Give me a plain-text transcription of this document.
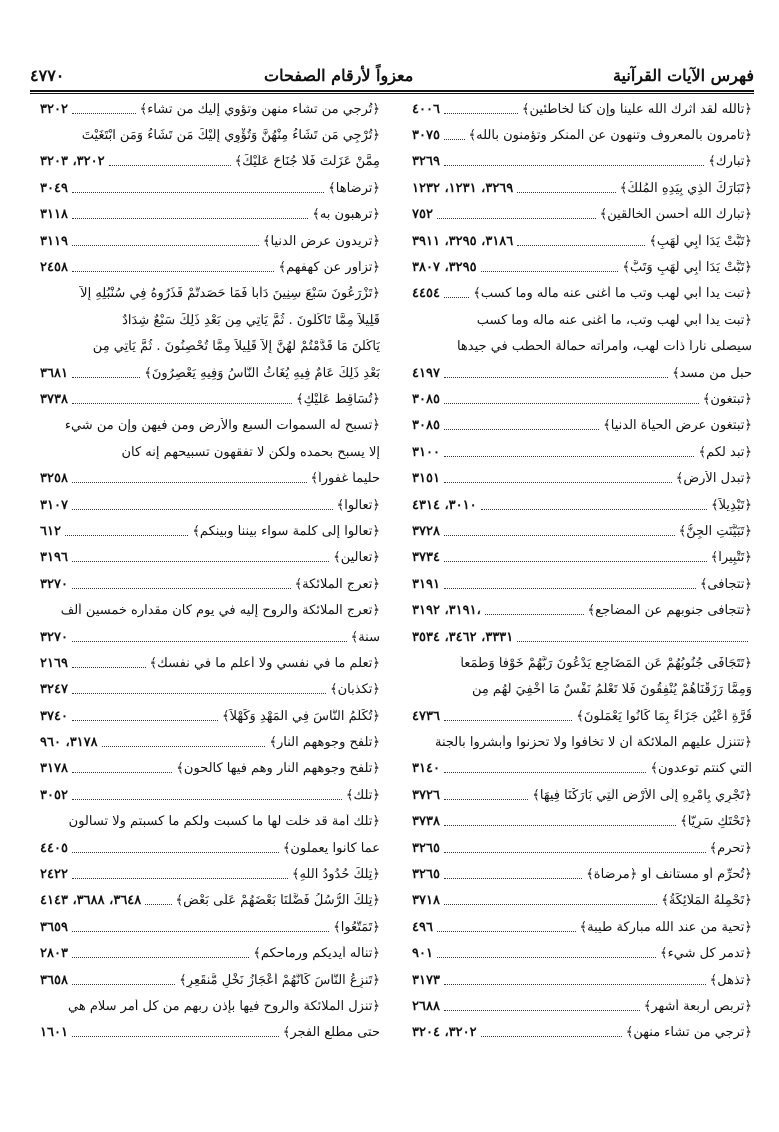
فهرس الآيات القرآنية
معزواً لأرقام الصفحات
٤٧٧٠
﴿تالله لقد آثرك الله علينا وإن كنا لخاطئين﴾
٤٠٠٦
﴿تأمرون بالمعروف وتنهون عن المنكر وتؤمنون بالله﴾
٣٠٧٥
﴿تبارك﴾
٣٢٦٩
﴿تَبَارَكَ الَّذِي بِيَدِهِ المُلْكُ﴾
٣٢٦٩، ١٢٣١، ١٢٣٢
﴿تبارك الله أحسن الخالقين﴾
٧٥٢
﴿تَبَّتْ يَدَا أَبِي لَهَبٍ﴾
٣١٨٦، ٣٢٩٥، ٣٩١١
﴿تَبَّتْ يَدَا أَبِي لَهَبٍ وَتَبَّ﴾
٣٢٩٥، ٣٨٠٧
﴿تبت يدا أبي لهب وتب ما أغنى عنه ماله وما كسب﴾
٤٤٥٤
﴿تبت يدا أبي لهب وتب، ما أغنى عنه ماله وما كسب
سيصلى ناراً ذات لهب، وامرأته حمالة الحطب في جيدها
حبل من مسد﴾
٤١٩٧
﴿تبتغون﴾
٣٠٨٥
﴿تبتغون عرض الحياة الدنيا﴾
٣٠٨٥
﴿تبد لكم﴾
٣١٠٠
﴿تبدل الأرض﴾
٣١٥١
﴿تَبْدِيلاً﴾
٣٠١٠، ٤٣١٤
﴿تَبَيَّنَتِ الجِنُّ﴾
٣٧٢٨
﴿تَتْبِيراً﴾
٣٧٣٤
﴿تتجافى﴾
٣١٩١
﴿تتجافى جنوبهم عن المضاجع﴾
٣١٩١، ٣١٩٢،
٣٣٣١، ٣٤٦٢، ٣٥٣٤
﴿تَتَجَافَى جُنُوبُهُمْ عَنِ المَضَاجِعِ يَدْعُونَ رَبَّهُمْ خَوْفاً وَطَمَعاً
وَمِمَّا رَزَقْنَاهُمْ يُنْفِقُونَ فَلَا تَعْلَمُ نَفْسٌ مَا أُخْفِيَ لَهُم مِن
قُرَّةِ أَعْيُنٍ جَزَاءً بِمَا كَانُوا يَعْمَلُونَ﴾
٤٧٣٦
﴿تتنزل عليهم الملائكة أن لا تخافوا ولا تحزنوا وأبشروا بالجنة
التي كنتم توعدون﴾
٣١٤٠
﴿تَجْرِي بِأَمْرِهِ إِلَى الأَرْضِ الَّتِي بَارَكْنَا فِيهَا﴾
٣٧٢٦
﴿تَحْتَكِ سَرِيّاً﴾
٣٧٣٨
﴿تحرم﴾
٣٢٦٥
﴿تُحرِّم أو مستأنف أو ﴿مرضاة﴾
٣٢٦٥
﴿تَحْمِلُهُ المَلَائِكَةُ﴾
٣٧١٨
﴿تحية من عند الله مباركة طيبة﴾
٤٩٦
﴿تدمر كل شيء﴾
٩٠١
﴿تذهل﴾
٣١٧٣
﴿تربص أربعة أشهر﴾
٢٦٨٨
﴿ترجي من تشاء منهن﴾
٣٢٠٢، ٣٢٠٤
﴿تُرجي من تشاء منهن وتؤوي إليك من تشاء﴾
٣٢٠٢
﴿تُرْجِي مَن تَشَاءُ مِنْهُنَّ وَتُؤْوِي إِلَيْكَ مَن تَشَاءُ وَمَنِ ابْتَغَيْتَ
مِمَّنْ عَزَلْتَ فَلَا جُنَاحَ عَلَيْكَ﴾
٣٢٠٢، ٣٢٠٣
﴿ترضاها﴾
٣٠٤٩
﴿ترهبون به﴾
٣١١٨
﴿تريدون عرض الدنيا﴾
٣١١٩
﴿تزاور عن كهفهم﴾
٢٤٥٨
﴿تَزْرَعُونَ سَبْعَ سِنِينَ دَأَباً فَمَا حَصَدتُّمْ فَذَرُوهُ فِي سُنْبُلِهِ إِلاَّ
قَلِيلاً مِمَّا تَأْكُلُونَ . ثُمَّ يَأْتِي مِن بَعْدِ ذَلِكَ سَبْعٌ شِدَادٌ
يَأْكُلْنَ مَا قَدَّمْتُمْ لَهُنَّ إِلاَّ قَلِيلاً مِمَّا تُحْصِنُونَ . ثُمَّ يَأْتِي مِن
بَعْدِ ذَلِكَ عَامٌ فِيهِ يُغَاثُ النَّاسُ وَفِيهِ يَعْصِرُونَ﴾
٣٦٨١
﴿تُسَاقِطْ عَلَيْكِ﴾
٣٧٣٨
﴿تسبح له السموات السبع والأرض ومن فيهن وإن من شيء
إلا يسبح بحمده ولكن لا تفقهون تسبيحهم إنه كان
حليماً غفوراً﴾
٣٢٥٨
﴿تعالوا﴾
٣١٠٧
﴿تعالوا إلى كلمة سواء بيننا وبينكم﴾
٦١٢
﴿تعالين﴾
٣١٩٦
﴿تعرج الملائكة﴾
٣٢٧٠
﴿تعرج الملائكة والروح إليه في يوم كان مقداره خمسين ألف
سنة﴾
٣٢٧٠
﴿تعلم ما في نفسي ولا أعلم ما في نفسك﴾
٢١٦٩
﴿تكذبان﴾
٣٢٤٧
﴿تُكَلِّمُ النَّاسَ فِي المَهْدِ وَكَهْلاً﴾
٣٧٤٠
﴿تلفح وجوههم النار﴾
٣١٧٨، ٩٦٠
﴿تلفح وجوههم النار وهم فيها كالحون﴾
٣١٧٨
﴿تلك﴾
٣٠٥٢
﴿تلك أمة قد خلت لها ما كسبت ولكم ما كسبتم ولا تسألون
عما كانوا يعملون﴾
٤٤٠٥
﴿تِلْكَ حُدُودُ اللهِ﴾
٢٤٢٢
﴿تِلْكَ الرُّسُلُ فَضَّلْنَا بَعْضَهُمْ عَلَى بَعْضٍ﴾
٣٦٤٨، ٣٦٨٨، ٤١٤٣
﴿تَمَتَّعُوا﴾
٣٦٥٩
﴿تناله أيديكم ورماحكم﴾
٢٨٠٣
﴿تَنزِعُ النَّاسَ كَأَنَّهُمْ أَعْجَازُ نَخْلٍ مُّنقَعِرٍ﴾
٣٦٥٨
﴿تنزل الملائكة والروح فيها بإذن ربهم من كل أمر سلام هي
حتى مطلع الفجر﴾
١٦٠١
